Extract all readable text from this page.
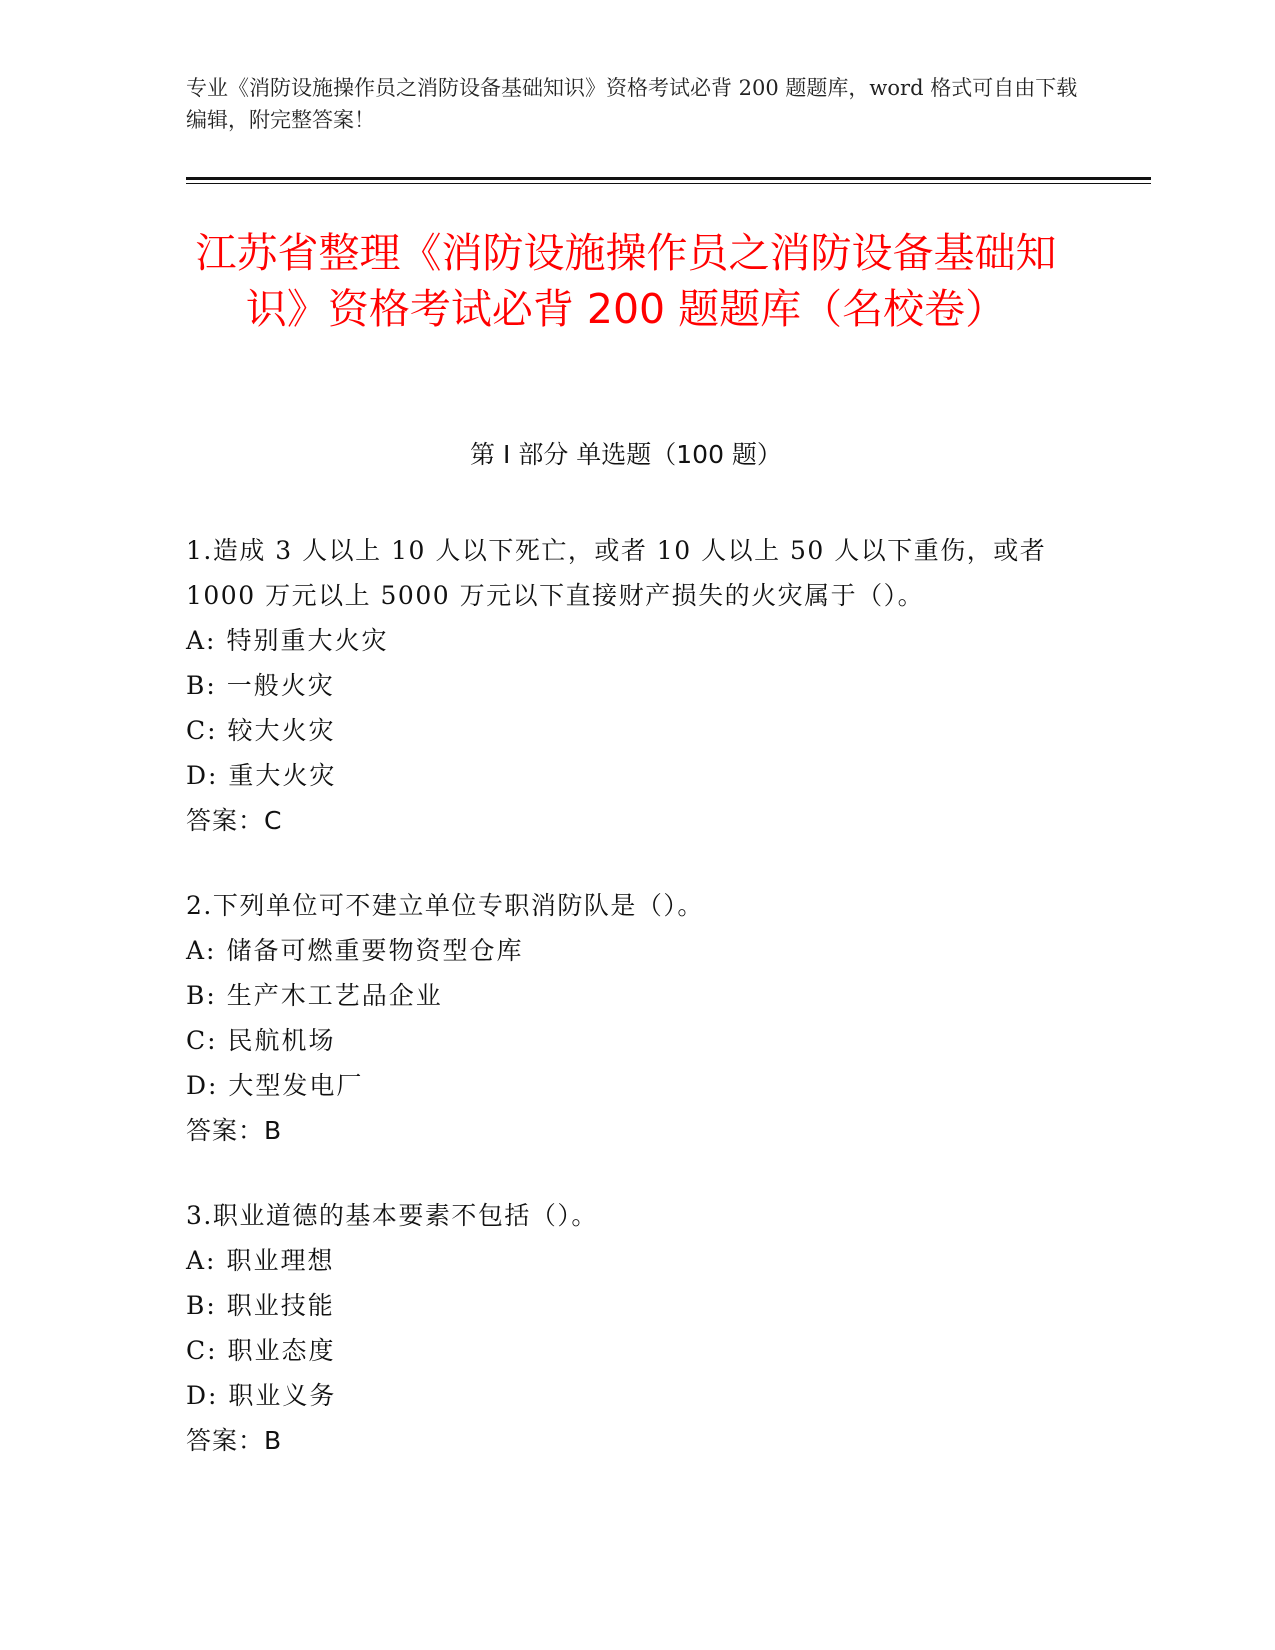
专业《消防设施操作员之消防设备基础知识》资格考试必背 200 题题库，word 格式可自由下载编辑，附完整答案！
江苏省整理《消防设施操作员之消防设备基础知识》资格考试必背 200 题题库（名校卷）
第 I 部分 单选题（100 题）
1.造成 3 人以上 10 人以下死亡，或者 10 人以上 50 人以下重伤，或者 1000 万元以上 5000 万元以下直接财产损失的火灾属于（）。
A: 特别重大火灾
B: 一般火灾
C: 较大火灾
D: 重大火灾
答案：C
2.下列单位可不建立单位专职消防队是（）。
A: 储备可燃重要物资型仓库
B: 生产木工艺品企业
C: 民航机场
D: 大型发电厂
答案：B
3.职业道德的基本要素不包括（）。
A: 职业理想
B: 职业技能
C: 职业态度
D: 职业义务
答案：B
